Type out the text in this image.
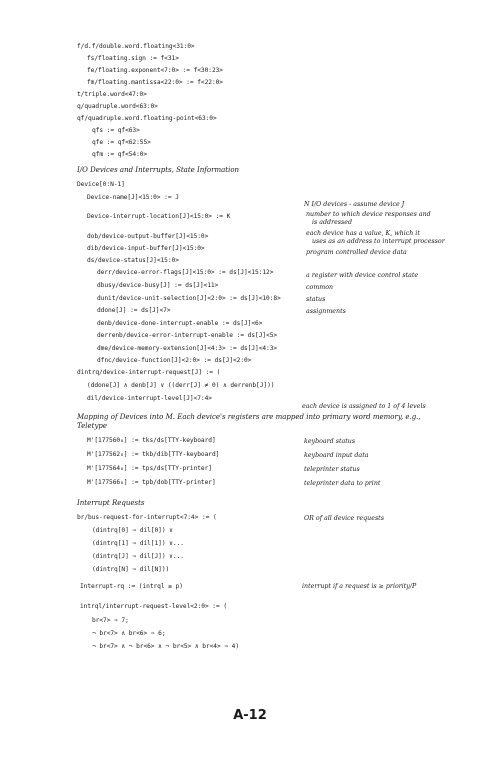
f/d.f/double.word.floating<31:0>
fs/floating.sign := f<31>
fe/floating.exponent<7:0> := f<30:23>
fm/floating.mantissa<22:0> := f<22:0>
t/triple.word<47:0>
q/quadruple.word<63:0>
qf/quadruple.word.floating-point<63:0>
qfs := qf<63>
qfe := qf<62:55>
qfm := qf<54:0>
I/O Devices and Interrupts, State Information
Device[0:N-1]
Device-name[J]<15:0> := J
Device-interrupt-location[J]<15:0> := K
dob/device-output-buffer[J]<15:0>
dib/device-input-buffer[J]<15:0>
ds/device-status[J]<15:0>
derr/device-error-flags[J]<15:0> := ds[J]<15:12>
dbusy/device-busy[J] := ds[J]<11>
dunit/device-unit-selection[J]<2:0> := ds[J]<10:8>
ddone[J] := ds[J]<7>
denb/device-done-interrupt-enable := ds[J]<6>
derrenb/device-error-interrupt-enable := ds[J]<5>
dme/device-memory-extension[J]<4:3> := ds[J]<4:3>
dfnc/device-function[J]<2:0> := ds[J]<2:0>
dintrq/device-interrupt-request[J] := (
(ddone[J] ∧ denb[J] ∨ ((derr[J] ≠ 0) ∧ derrenb[J]))
dil/device-interrupt-level[J]<7:4>
Mapping of Devices into M. Each device's registers are mapped into primary word memory, e.g.,
Teletype
M'[177560₈] := tks/ds[TTY-keyboard]
M'[177562₈] := tkb/dib[TTY-keyboard]
M'[177564₈] := tps/ds[TTY-printer]
M'[177566₈] := tpb/dob[TTY-printer]
Interrupt Requests
br/bus-request-for-interrupt<7:4> := (
(dintrq[0] ⇒ dil[0]) ∨
(dintrq[1] ⇒ dil[1]) ∨...
(dintrq[J] ⇒ dil[J]) ∨...
(dintrq[N] ⇒ dil[N]))
Interrupt-rq := (intrql ≥ p)
intrql/interrupt-request-level<2:0> := (
br<7> ⇒ 7;
¬ br<7> ∧ br<6> ⇒ 6;
¬ br<7> ∧ ¬ br<6> ∧ ¬ br<5> ∧ br<4> ⇒ 4)
N I/O devices - assume device J
number to which device responses and
is addressed
each device has a value, K, which it
uses as an address to interrupt processor
program controlled device data
a register with device control state
common
status
assignments
each device is assigned to 1 of 4 levels
keyboard status
keyboard input data
teleprinter status
teleprinter data to print
OR of all device requests
interrupt if a request is ≥ priority/P
A-12
